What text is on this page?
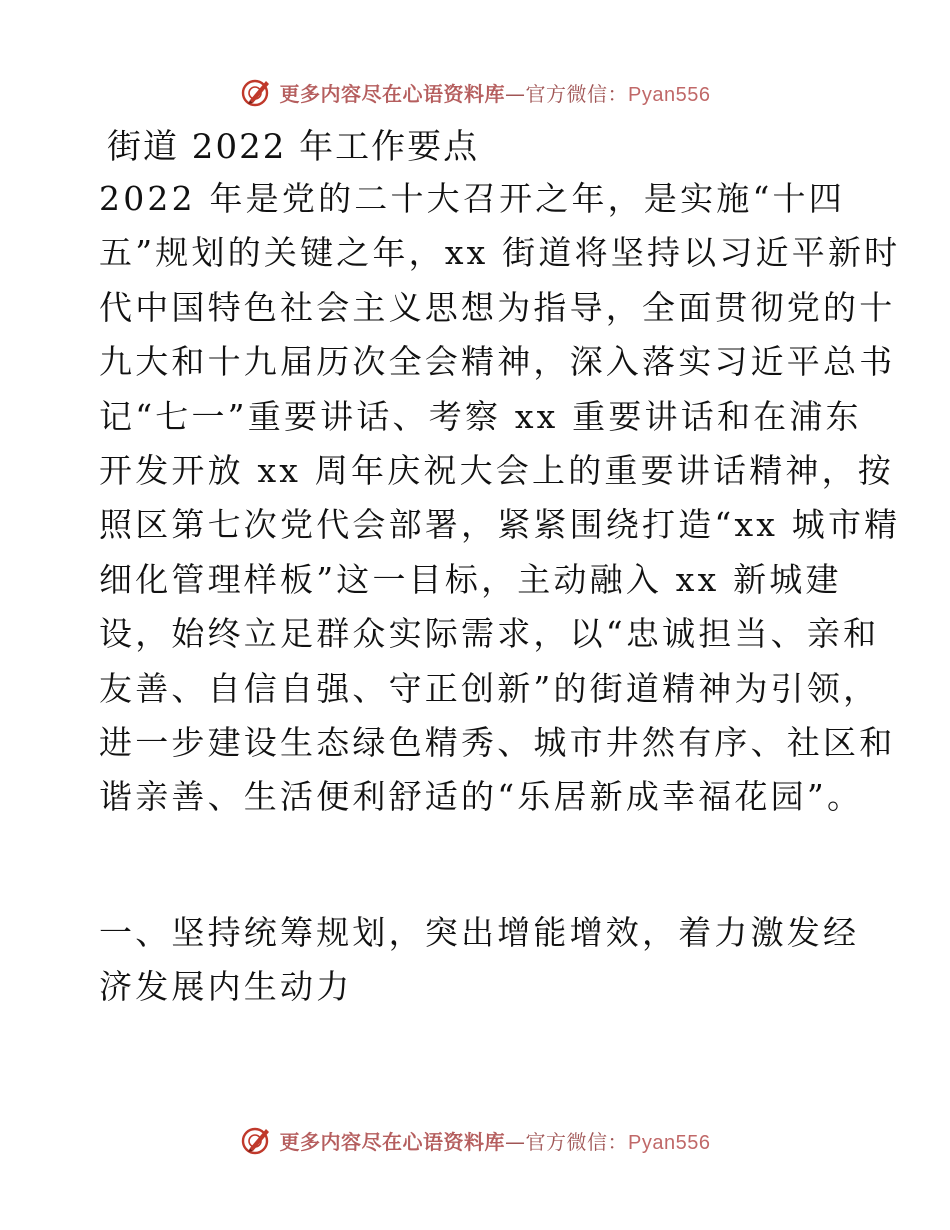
更多内容尽在心语资料库—官方微信：Pyan556
街道 2022 年工作要点
2022 年是党的二十大召开之年，是实施“十四
五”规划的关键之年，xx 街道将坚持以习近平新时
代中国特色社会主义思想为指导，全面贯彻党的十
九大和十九届历次全会精神，深入落实习近平总书
记“七一”重要讲话、考察 xx 重要讲话和在浦东
开发开放 xx 周年庆祝大会上的重要讲话精神，按
照区第七次党代会部署，紧紧围绕打造“xx 城市精
细化管理样板”这一目标，主动融入 xx 新城建
设，始终立足群众实际需求，以“忠诚担当、亲和
友善、自信自强、守正创新”的街道精神为引领，
进一步建设生态绿色精秀、城市井然有序、社区和
谐亲善、生活便利舒适的“乐居新成幸福花园”。
一、坚持统筹规划，突出增能增效，着力激发经
济发展内生动力
更多内容尽在心语资料库—官方微信：Pyan556
